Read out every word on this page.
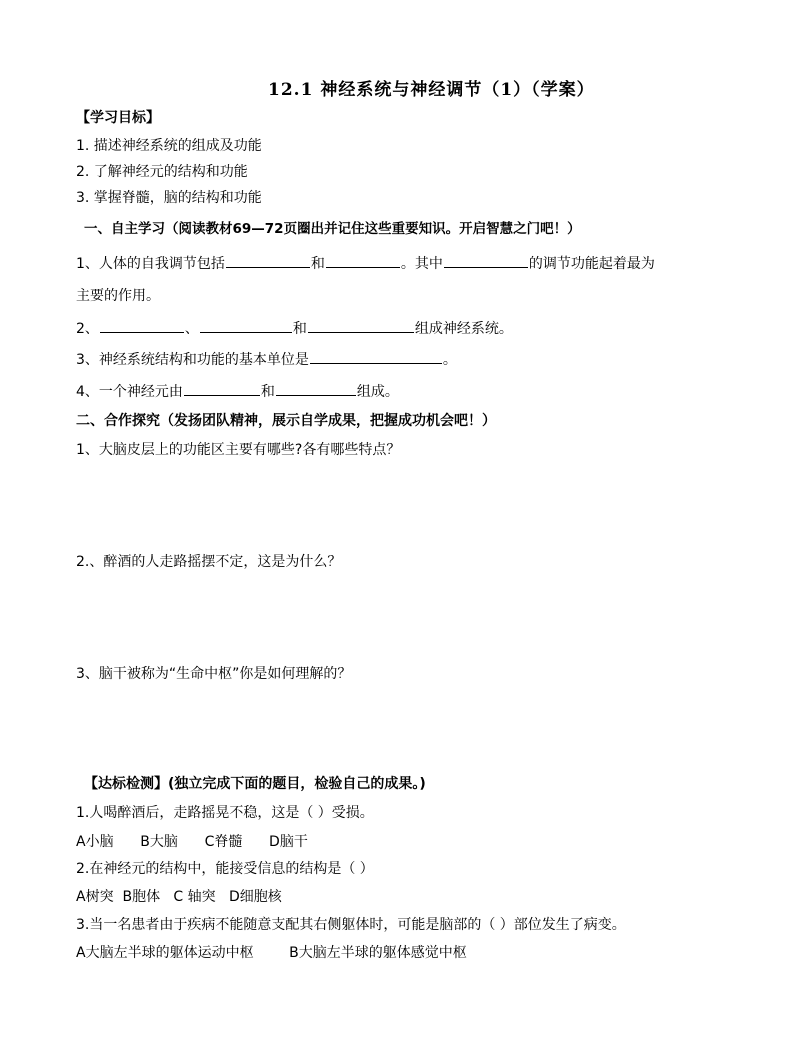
12.1 神经系统与神经调节（1）（学案）
【学习目标】
1. 描述神经系统的组成及功能
2. 了解神经元的结构和功能
3. 掌握脊髓，脑的结构和功能
一、自主学习（阅读教材69—72页圈出并记住这些重要知识。开启智慧之门吧！）
1、人体的自我调节包括	和	。其中	的调节功能起着最为
主要的作用。
2、	、	和	组成神经系统。
3、神经系统结构和功能的基本单位是	。
4、一个神经元由	和	组成。
二、合作探究（发扬团队精神，展示自学成果，把握成功机会吧！）
1、大脑皮层上的功能区主要有哪些?各有哪些特点？
2.、醉酒的人走路摇摆不定，这是为什么？
3、脑干被称为“生命中枢”你是如何理解的？
【达标检测】(独立完成下面的题目，检验自己的成果。)
1.人喝醉酒后，走路摇晃不稳，这是（ ）受损。
A小脑      B大脑      C脊髓      D脑干
2.在神经元的结构中，能接受信息的结构是（ ）
A树突  B胞体   C 轴突   D细胞核
3.当一名患者由于疾病不能随意支配其右侧躯体时，可能是脑部的（ ）部位发生了病变。
A大脑左半球的躯体运动中枢        B大脑左半球的躯体感觉中枢
